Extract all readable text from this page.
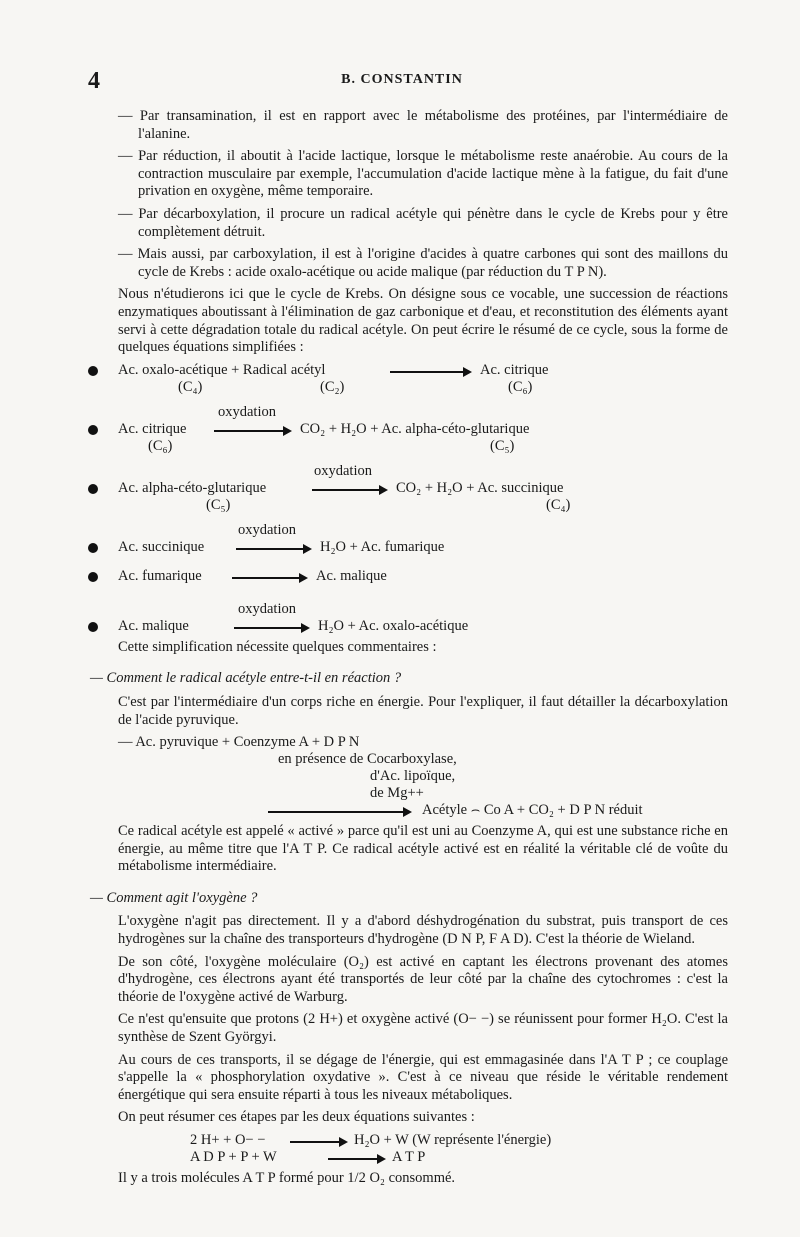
4	B. CONSTANTIN

— Par transamination, il est en rapport avec le métabolisme des protéines, par l'intermédiaire de l'alanine.

— Par réduction, il aboutit à l'acide lactique, lorsque le métabolisme reste anaérobie. Au cours de la contraction musculaire par exemple, l'accumulation d'acide lactique mène à la fatigue, du fait d'une privation en oxygène, même temporaire.

— Par décarboxylation, il procure un radical acétyle qui pénètre dans le cycle de Krebs pour y être complètement détruit.

— Mais aussi, par carboxylation, il est à l'origine d'acides à quatre carbones qui sont des maillons du cycle de Krebs : acide oxalo-acétique ou acide malique (par réduction du T P N).

Nous n'étudierons ici que le cycle de Krebs. On désigne sous ce vocable, une succession de réactions enzymatiques aboutissant à l'élimination de gaz carbonique et d'eau, et reconstitution des éléments ayant servi à cette dégradation totale du radical acétyle. On peut écrire le résumé de ce cycle, sous la forme de quelques équations simplifiées :

Ac. oxalo-acétique + Radical acétyl	Ac. citrique
(C₄)	(C₂)	(C₆)
oxydation
Ac. citrique	CO₂ + H₂O + Ac. alpha-céto-glutarique
(C₆)	(C₅)
oxydation
Ac. alpha-céto-glutarique	CO₂ + H₂O + Ac. succinique
(C₅)	(C₄)
oxydation
Ac. succinique	H₂O + Ac. fumarique
Ac. fumarique	Ac. malique
oxydation
Ac. malique	H₂O + Ac. oxalo-acétique

Cette simplification nécessite quelques commentaires :

— Comment le radical acétyle entre-t-il en réaction ?

C'est par l'intermédiaire d'un corps riche en énergie. Pour l'expliquer, il faut détailler la décarboxylation de l'acide pyruvique.

— Ac. pyruvique + Coenzyme A + D P N
en présence de Cocarboxylase,
d'Ac. lipoïque,
de Mg++
Acétyle ⌢ Co A + CO₂ + D P N réduit

Ce radical acétyle est appelé « activé » parce qu'il est uni au Coenzyme A, qui est une substance riche en énergie, au même titre que l'A T P. Ce radical acétyle activé est en réalité la véritable clé de voûte du métabolisme intermédiaire.

— Comment agit l'oxygène ?

L'oxygène n'agit pas directement. Il y a d'abord déshydrogénation du substrat, puis transport de ces hydrogènes sur la chaîne des transporteurs d'hydrogène (D N P, F A D). C'est la théorie de Wieland.

De son côté, l'oxygène moléculaire (O₂) est activé en captant les électrons provenant des atomes d'hydrogène, ces électrons ayant été transportés de leur côté par la chaîne des cytochromes : c'est la théorie de l'oxygène activé de Warburg.

Ce n'est qu'ensuite que protons (2 H+) et oxygène activé (O− −) se réunissent pour former H₂O. C'est la synthèse de Szent Györgyi.

Au cours de ces transports, il se dégage de l'énergie, qui est emmagasinée dans l'A T P ; ce couplage s'appelle la « phosphorylation oxydative ». C'est à ce niveau que réside le véritable rendement énergétique qui sera ensuite réparti à tous les niveaux métaboliques.

On peut résumer ces étapes par les deux équations suivantes :

2 H+ + O− − → H₂O + W (W représente l'énergie)
A D P + P + W	→ A T P

Il y a trois molécules A T P formé pour 1/2 O₂ consommé.
